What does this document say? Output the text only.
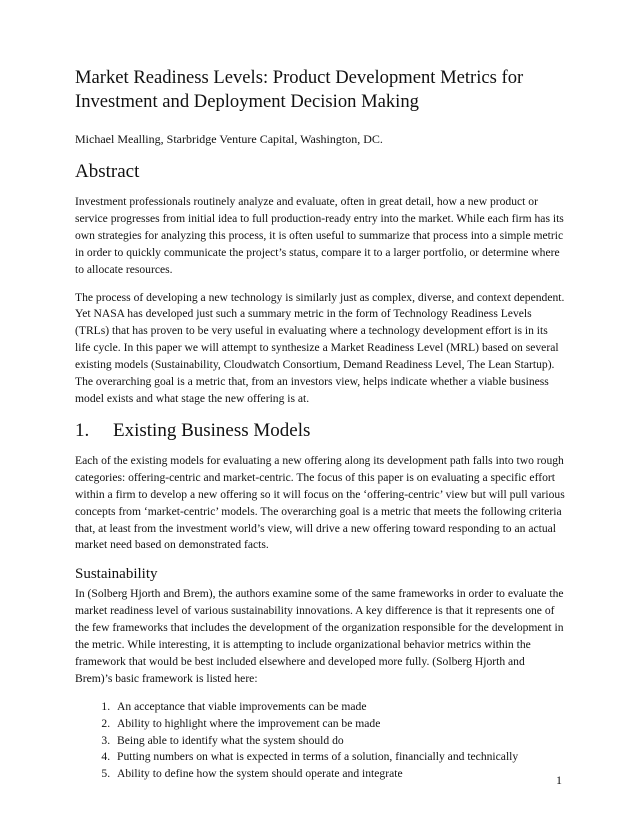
Market Readiness Levels: Product Development Metrics for Investment and Deployment Decision Making
Michael Mealling, Starbridge Venture Capital, Washington, DC.
Abstract

Investment professionals routinely analyze and evaluate, often in great detail, how a new product or service progresses from initial idea to full production-ready entry into the market. While each firm has its own strategies for analyzing this process, it is often useful to summarize that process into a simple metric in order to quickly communicate the project’s status, compare it to a larger portfolio, or determine where to allocate resources.

The process of developing a new technology is similarly just as complex, diverse, and context dependent. Yet NASA has developed just such a summary metric in the form of Technology Readiness Levels (TRLs) that has proven to be very useful in evaluating where a technology development effort is in its life cycle. In this paper we will attempt to synthesize a Market Readiness Level (MRL) based on several existing models (Sustainability, Cloudwatch Consortium, Demand Readiness Level, The Lean Startup). The overarching goal is a metric that, from an investors view, helps indicate whether a viable business model exists and what stage the new offering is at.

1. Existing Business Models

Each of the existing models for evaluating a new offering along its development path falls into two rough categories: offering-centric and market-centric. The focus of this paper is on evaluating a specific effort within a firm to develop a new offering so it will focus on the ‘offering-centric’ view but will pull various concepts from ‘market-centric’ models. The overarching goal is a metric that meets the following criteria that, at least from the investment world’s view, will drive a new offering toward responding to an actual market need based on demonstrated facts.

Sustainability

In (Solberg Hjorth and Brem), the authors examine some of the same frameworks in order to evaluate the market readiness level of various sustainability innovations. A key difference is that it represents one of the few frameworks that includes the development of the organization responsible for the development in the metric. While interesting, it is attempting to include organizational behavior metrics within the framework that would be best included elsewhere and developed more fully. (Solberg Hjorth and Brem)’s basic framework is listed here:

1. An acceptance that viable improvements can be made
2. Ability to highlight where the improvement can be made
3. Being able to identify what the system should do
4. Putting numbers on what is expected in terms of a solution, financially and technically
5. Ability to define how the system should operate and integrate	1
